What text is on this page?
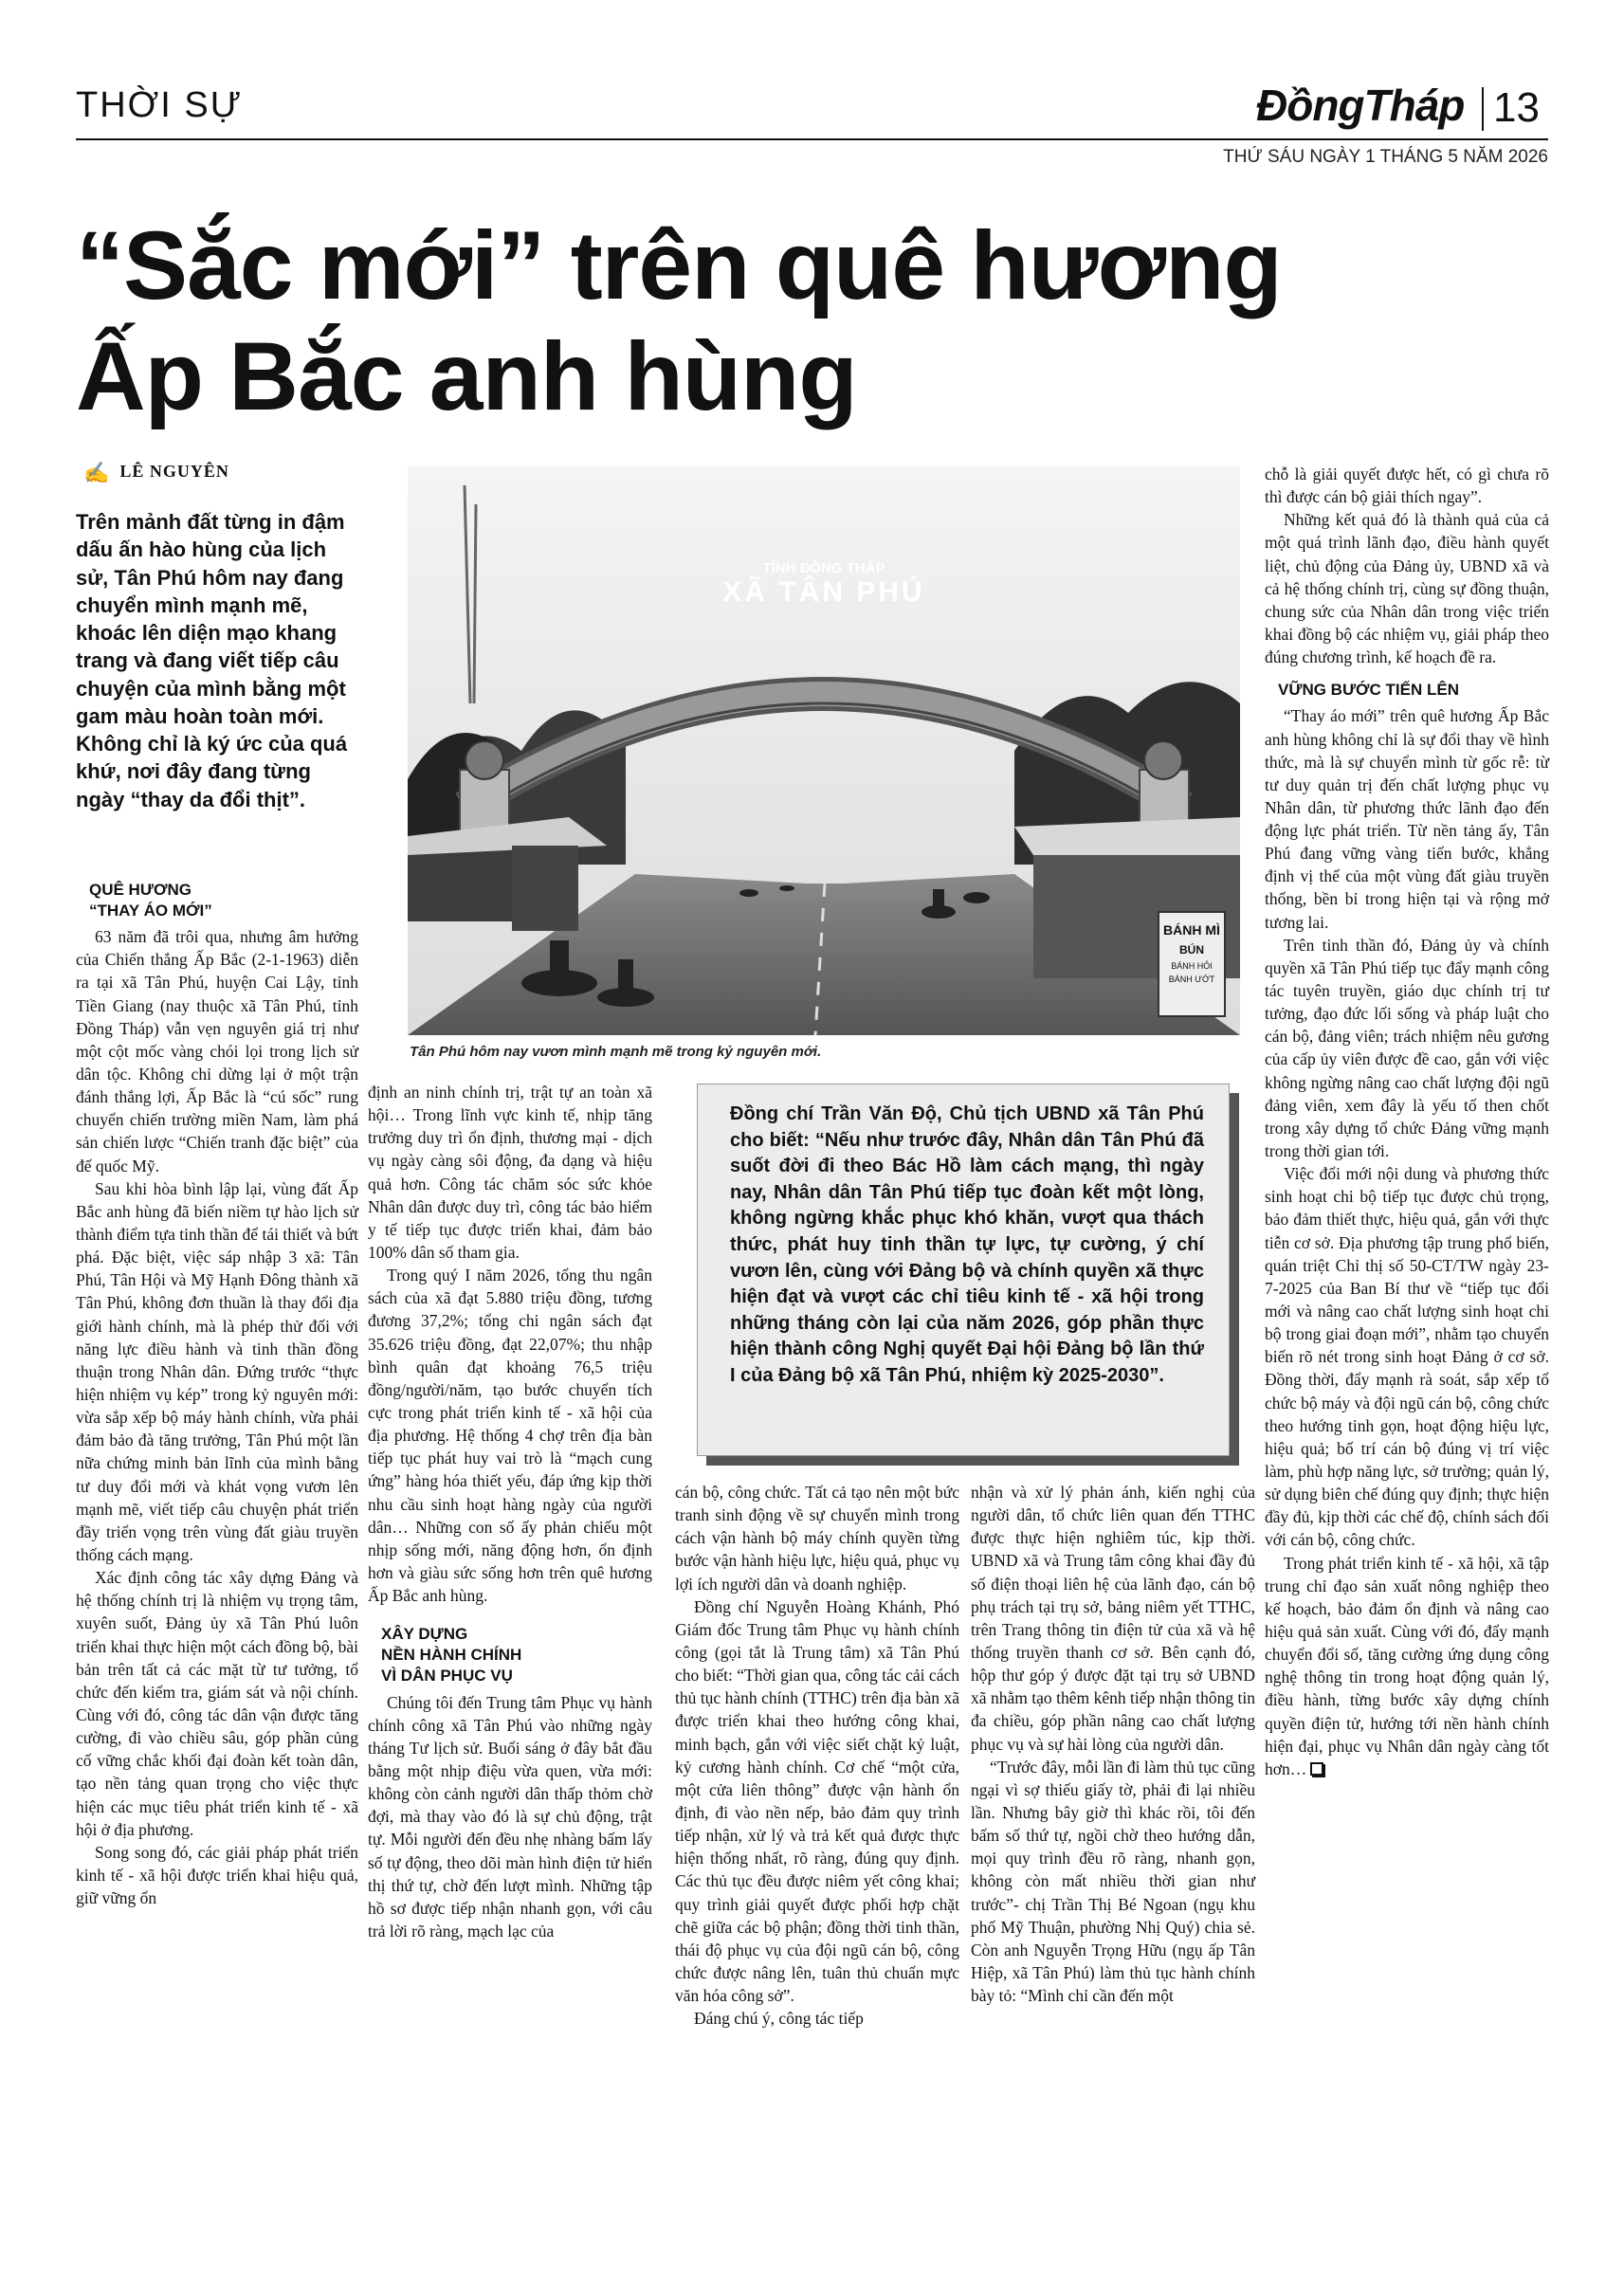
THỜI SỰ	ĐồngTháp 13
THỨ SÁU NGÀY 1 THÁNG 5 NĂM 2026
“Sắc mới” trên quê hương
Ấp Bắc anh hùng
✍ LÊ NGUYÊN
Trên mảnh đất từng in đậm dấu ấn hào hùng của lịch sử, Tân Phú hôm nay đang chuyển mình mạnh mẽ, khoác lên diện mạo khang trang và đang viết tiếp câu chuyện của mình bằng một gam màu hoàn toàn mới. Không chỉ là ký ức của quá khứ, nơi đây đang từng ngày “thay da đổi thịt”.
QUÊ HƯƠNG
“THAY ÁO MỚI”

63 năm đã trôi qua, nhưng âm hưởng của Chiến thắng Ấp Bắc (2-1-1963) diễn ra tại xã Tân Phú, huyện Cai Lậy, tỉnh Tiền Giang (nay thuộc xã Tân Phú, tỉnh Đồng Tháp) vẫn vẹn nguyên giá trị như một cột mốc vàng chói lọi trong lịch sử dân tộc. Không chỉ dừng lại ở một trận đánh thắng lợi, Ấp Bắc là “cú sốc” rung chuyển chiến trường miền Nam, làm phá sản chiến lược “Chiến tranh đặc biệt” của đế quốc Mỹ.

Sau khi hòa bình lập lại, vùng đất Ấp Bắc anh hùng đã biến niềm tự hào lịch sử thành điểm tựa tinh thần để tái thiết và bứt phá. Đặc biệt, việc sáp nhập 3 xã: Tân Phú, Tân Hội và Mỹ Hạnh Đông thành xã Tân Phú, không đơn thuần là thay đổi địa giới hành chính, mà là phép thử đối với năng lực điều hành và tinh thần đồng thuận trong Nhân dân. Đứng trước “thực hiện nhiệm vụ kép” trong kỷ nguyên mới: vừa sắp xếp bộ máy hành chính, vừa phải đảm bảo đà tăng trưởng, Tân Phú một lần nữa chứng minh bản lĩnh của mình bằng tư duy đổi mới và khát vọng vươn lên mạnh mẽ, viết tiếp câu chuyện phát triển đầy triển vọng trên vùng đất giàu truyền thống cách mạng.

Xác định công tác xây dựng Đảng và hệ thống chính trị là nhiệm vụ trọng tâm, xuyên suốt, Đảng ủy xã Tân Phú luôn triển khai thực hiện một cách đồng bộ, bài bản trên tất cả các mặt từ tư tưởng, tổ chức đến kiểm tra, giám sát và nội chính. Cùng với đó, công tác dân vận được tăng cường, đi vào chiều sâu, góp phần củng cố vững chắc khối đại đoàn kết toàn dân, tạo nền tảng quan trọng cho việc thực hiện các mục tiêu phát triển kinh tế - xã hội ở địa phương.

Song song đó, các giải pháp phát triển kinh tế - xã hội được triển khai hiệu quả, giữ vững ổn

TỈNH ĐỒNG THÁP
XÃ TÂN PHÚ
BÁNH MÌ
BÚN
BÁNH HỎI
BÁNH ƯỚT
Tân Phú hôm nay vươn mình mạnh mẽ trong kỷ nguyên mới.
Đồng chí Trần Văn Độ, Chủ tịch UBND xã Tân Phú cho biết: “Nếu như trước đây, Nhân dân Tân Phú đã suốt đời đi theo Bác Hồ làm cách mạng, thì ngày nay, Nhân dân Tân Phú tiếp tục đoàn kết một lòng, không ngừng khắc phục khó khăn, vượt qua thách thức, phát huy tinh thần tự lực, tự cường, ý chí vươn lên, cùng với Đảng bộ và chính quyền xã thực hiện đạt và vượt các chỉ tiêu kinh tế - xã hội trong những tháng còn lại của năm 2026, góp phần thực hiện thành công Nghị quyết Đại hội Đảng bộ lần thứ I của Đảng bộ xã Tân Phú, nhiệm kỳ 2025-2030”.

định an ninh chính trị, trật tự an toàn xã hội… Trong lĩnh vực kinh tế, nhịp tăng trưởng duy trì ổn định, thương mại - dịch vụ ngày càng sôi động, đa dạng và hiệu quả hơn. Công tác chăm sóc sức khỏe Nhân dân được duy trì, công tác bảo hiểm y tế tiếp tục được triển khai, đảm bảo 100% dân số tham gia.

Trong quý I năm 2026, tổng thu ngân sách của xã đạt 5.880 triệu đồng, tương đương 37,2%; tổng chi ngân sách đạt 35.626 triệu đồng, đạt 22,07%; thu nhập bình quân đạt khoảng 76,5 triệu đồng/người/năm, tạo bước chuyển tích cực trong phát triển kinh tế - xã hội của địa phương. Hệ thống 4 chợ trên địa bàn tiếp tục phát huy vai trò là “mạch cung ứng” hàng hóa thiết yếu, đáp ứng kịp thời nhu cầu sinh hoạt hàng ngày của người dân… Những con số ấy phản chiếu một nhịp sống mới, năng động hơn, ổn định hơn và giàu sức sống hơn trên quê hương Ấp Bắc anh hùng.

XÂY DỰNG
NỀN HÀNH CHÍNH
VÌ DÂN PHỤC VỤ

Chúng tôi đến Trung tâm Phục vụ hành chính công xã Tân Phú vào những ngày tháng Tư lịch sử. Buổi sáng ở đây bắt đầu bằng một nhịp điệu vừa quen, vừa mới: không còn cảnh người dân thấp thỏm chờ đợi, mà thay vào đó là sự chủ động, trật tự. Mỗi người đến đều nhẹ nhàng bấm lấy số tự động, theo dõi màn hình điện tử hiển thị thứ tự, chờ đến lượt mình. Những tập hồ sơ được tiếp nhận nhanh gọn, với câu trả lời rõ ràng, mạch lạc của

cán bộ, công chức. Tất cả tạo nên một bức tranh sinh động về sự chuyển mình trong cách vận hành bộ máy chính quyền từng bước vận hành hiệu lực, hiệu quả, phục vụ lợi ích người dân và doanh nghiệp.

Đồng chí Nguyễn Hoàng Khánh, Phó Giám đốc Trung tâm Phục vụ hành chính công (gọi tắt là Trung tâm) xã Tân Phú cho biết: “Thời gian qua, công tác cải cách thủ tục hành chính (TTHC) trên địa bàn xã được triển khai theo hướng công khai, minh bạch, gắn với việc siết chặt kỷ luật, kỷ cương hành chính. Cơ chế “một cửa, một cửa liên thông” được vận hành ổn định, đi vào nền nếp, bảo đảm quy trình tiếp nhận, xử lý và trả kết quả được thực hiện thống nhất, rõ ràng, đúng quy định. Các thủ tục đều được niêm yết công khai; quy trình giải quyết được phối hợp chặt chẽ giữa các bộ phận; đồng thời tinh thần, thái độ phục vụ của đội ngũ cán bộ, công chức được nâng lên, tuân thủ chuẩn mực văn hóa công sở”.

Đáng chú ý, công tác tiếp

nhận và xử lý phản ánh, kiến nghị của người dân, tổ chức liên quan đến TTHC được thực hiện nghiêm túc, kịp thời. UBND xã và Trung tâm công khai đầy đủ số điện thoại liên hệ của lãnh đạo, cán bộ phụ trách tại trụ sở, bảng niêm yết TTHC, trên Trang thông tin điện tử của xã và hệ thống truyền thanh cơ sở. Bên cạnh đó, hộp thư góp ý được đặt tại trụ sở UBND xã nhằm tạo thêm kênh tiếp nhận thông tin đa chiều, góp phần nâng cao chất lượng phục vụ và sự hài lòng của người dân.

“Trước đây, mỗi lần đi làm thủ tục cũng ngại vì sợ thiếu giấy tờ, phải đi lại nhiều lần. Nhưng bây giờ thì khác rồi, tôi đến bấm số thứ tự, ngồi chờ theo hướng dẫn, mọi quy trình đều rõ ràng, nhanh gọn, không còn mất nhiều thời gian như trước”- chị Trần Thị Bé Ngoan (ngụ khu phố Mỹ Thuận, phường Nhị Quý) chia sẻ. Còn anh Nguyễn Trọng Hữu (ngụ ấp Tân Hiệp, xã Tân Phú) làm thủ tục hành chính bày tỏ: “Mình chỉ cần đến một

chỗ là giải quyết được hết, có gì chưa rõ thì được cán bộ giải thích ngay”.

Những kết quả đó là thành quả của cả một quá trình lãnh đạo, điều hành quyết liệt, chủ động của Đảng ủy, UBND xã và cả hệ thống chính trị, cùng sự đồng thuận, chung sức của Nhân dân trong việc triển khai đồng bộ các nhiệm vụ, giải pháp theo đúng chương trình, kế hoạch đề ra.

VỮNG BƯỚC TIẾN LÊN

“Thay áo mới” trên quê hương Ấp Bắc anh hùng không chỉ là sự đổi thay về hình thức, mà là sự chuyển mình từ gốc rễ: từ tư duy quản trị đến chất lượng phục vụ Nhân dân, từ phương thức lãnh đạo đến động lực phát triển. Từ nền tảng ấy, Tân Phú đang vững vàng tiến bước, khẳng định vị thế của một vùng đất giàu truyền thống, bền bỉ trong hiện tại và rộng mở tương lai.

Trên tinh thần đó, Đảng ủy và chính quyền xã Tân Phú tiếp tục đẩy mạnh công tác tuyên truyền, giáo dục chính trị tư tưởng, đạo đức lối sống và pháp luật cho cán bộ, đảng viên; trách nhiệm nêu gương của cấp ủy viên được đề cao, gắn với việc không ngừng nâng cao chất lượng đội ngũ đảng viên, xem đây là yếu tố then chốt trong xây dựng tổ chức Đảng vững mạnh trong thời gian tới.

Việc đổi mới nội dung và phương thức sinh hoạt chi bộ tiếp tục được chủ trọng, bảo đảm thiết thực, hiệu quả, gắn với thực tiễn cơ sở. Địa phương tập trung phổ biến, quán triệt Chỉ thị số 50-CT/TW ngày 23-7-2025 của Ban Bí thư về “tiếp tục đổi mới và nâng cao chất lượng sinh hoạt chi bộ trong giai đoạn mới”, nhằm tạo chuyển biến rõ nét trong sinh hoạt Đảng ở cơ sở. Đồng thời, đẩy mạnh rà soát, sắp xếp tổ chức bộ máy và đội ngũ cán bộ, công chức theo hướng tinh gọn, hoạt động hiệu lực, hiệu quả; bố trí cán bộ đúng vị trí việc làm, phù hợp năng lực, sở trường; quản lý, sử dụng biên chế đúng quy định; thực hiện đầy đủ, kịp thời các chế độ, chính sách đối với cán bộ, công chức.

Trong phát triển kinh tế - xã hội, xã tập trung chỉ đạo sản xuất nông nghiệp theo kế hoạch, bảo đảm ổn định và nâng cao hiệu quả sản xuất. Cùng với đó, đẩy mạnh chuyển đổi số, tăng cường ứng dụng công nghệ thông tin trong hoạt động quản lý, điều hành, từng bước xây dựng chính quyền điện tử, hướng tới nền hành chính hiện đại, phục vụ Nhân dân ngày càng tốt hơn…
